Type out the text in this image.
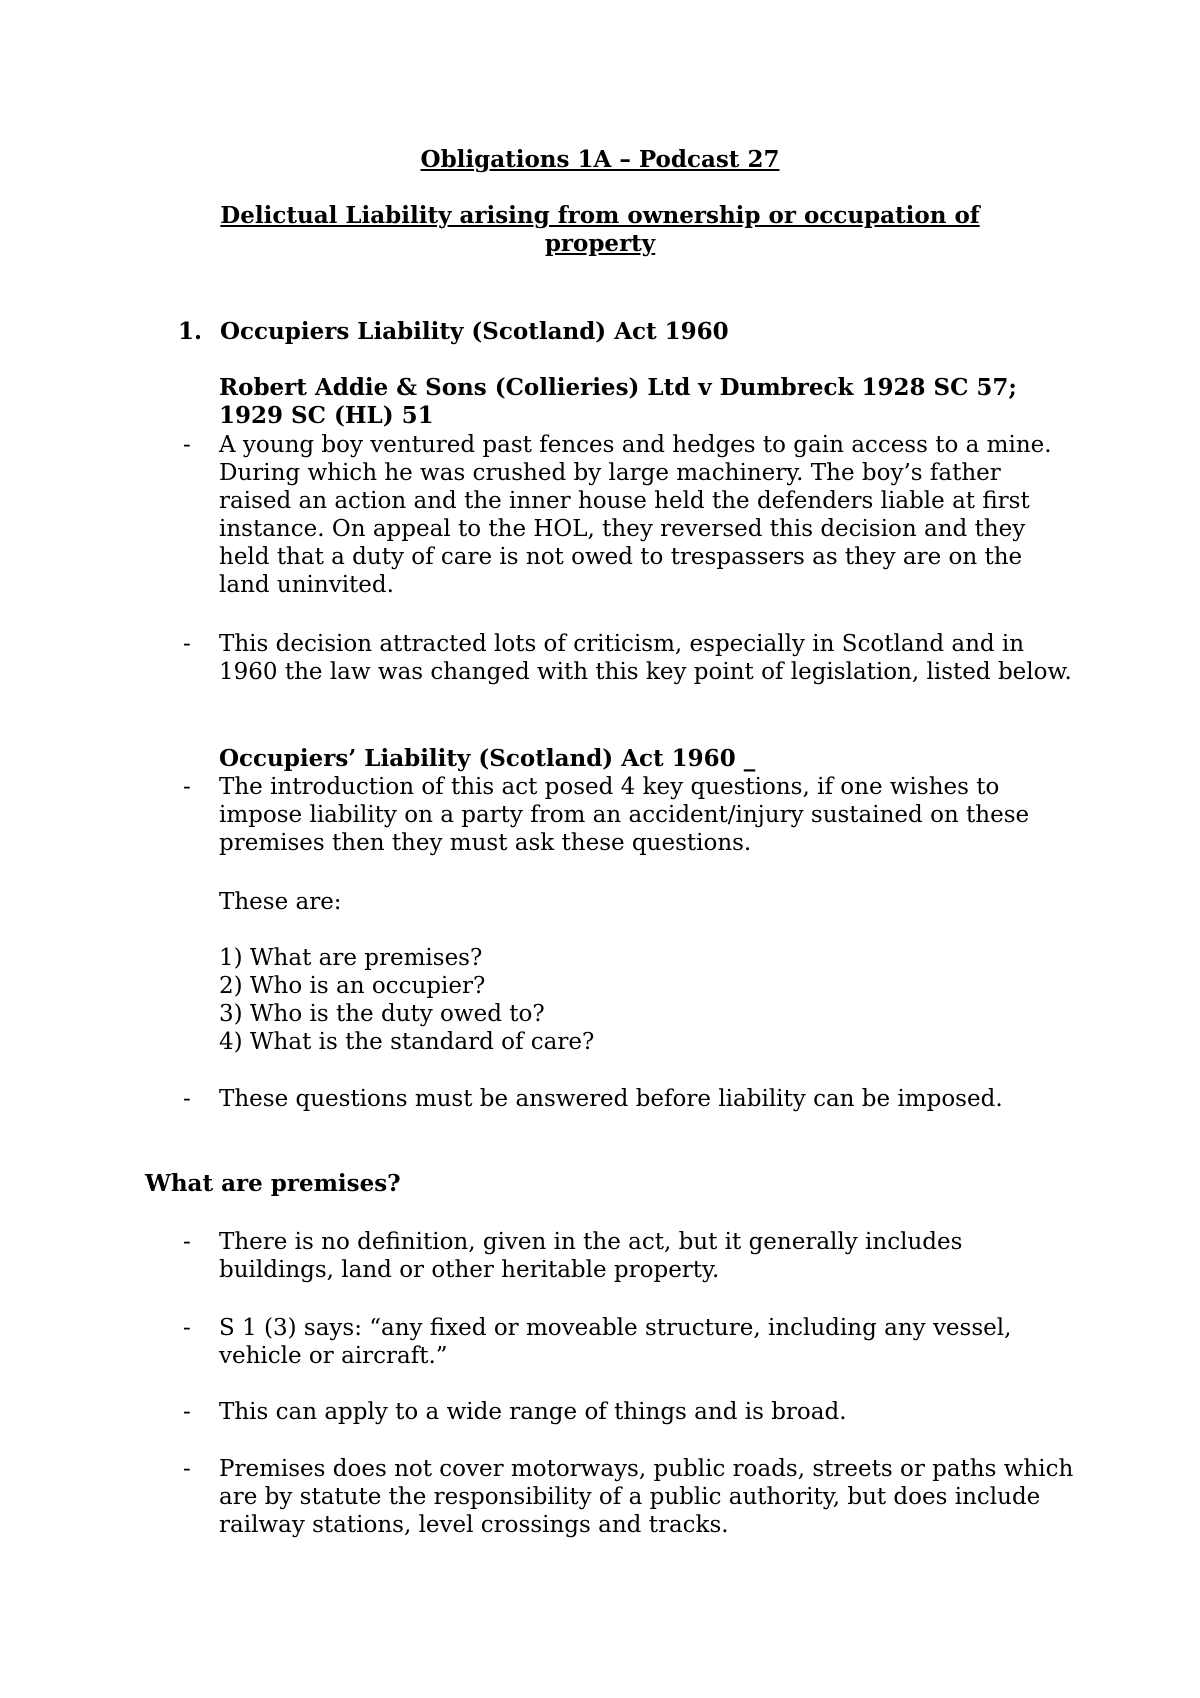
Obligations 1A – Podcast 27
Delictual Liability arising from ownership or occupation of property
1. Occupiers Liability (Scotland) Act 1960
Robert Addie & Sons (Collieries) Ltd v Dumbreck 1928 SC 57; 1929 SC (HL) 51
- A young boy ventured past fences and hedges to gain access to a mine. During which he was crushed by large machinery. The boy’s father raised an action and the inner house held the defenders liable at first instance. On appeal to the HOL, they reversed this decision and they held that a duty of care is not owed to trespassers as they are on the land uninvited.
- This decision attracted lots of criticism, especially in Scotland and in 1960 the law was changed with this key point of legislation, listed below.
Occupiers’ Liability (Scotland) Act 1960 _
- The introduction of this act posed 4 key questions, if one wishes to impose liability on a party from an accident/injury sustained on these premises then they must ask these questions.
These are:
1) What are premises?
2) Who is an occupier?
3) Who is the duty owed to?
4) What is the standard of care?
- These questions must be answered before liability can be imposed.
What are premises?
- There is no definition, given in the act, but it generally includes buildings, land or other heritable property.
- S 1 (3) says: “any fixed or moveable structure, including any vessel, vehicle or aircraft.”
- This can apply to a wide range of things and is broad.
- Premises does not cover motorways, public roads, streets or paths which are by statute the responsibility of a public authority, but does include railway stations, level crossings and tracks.
